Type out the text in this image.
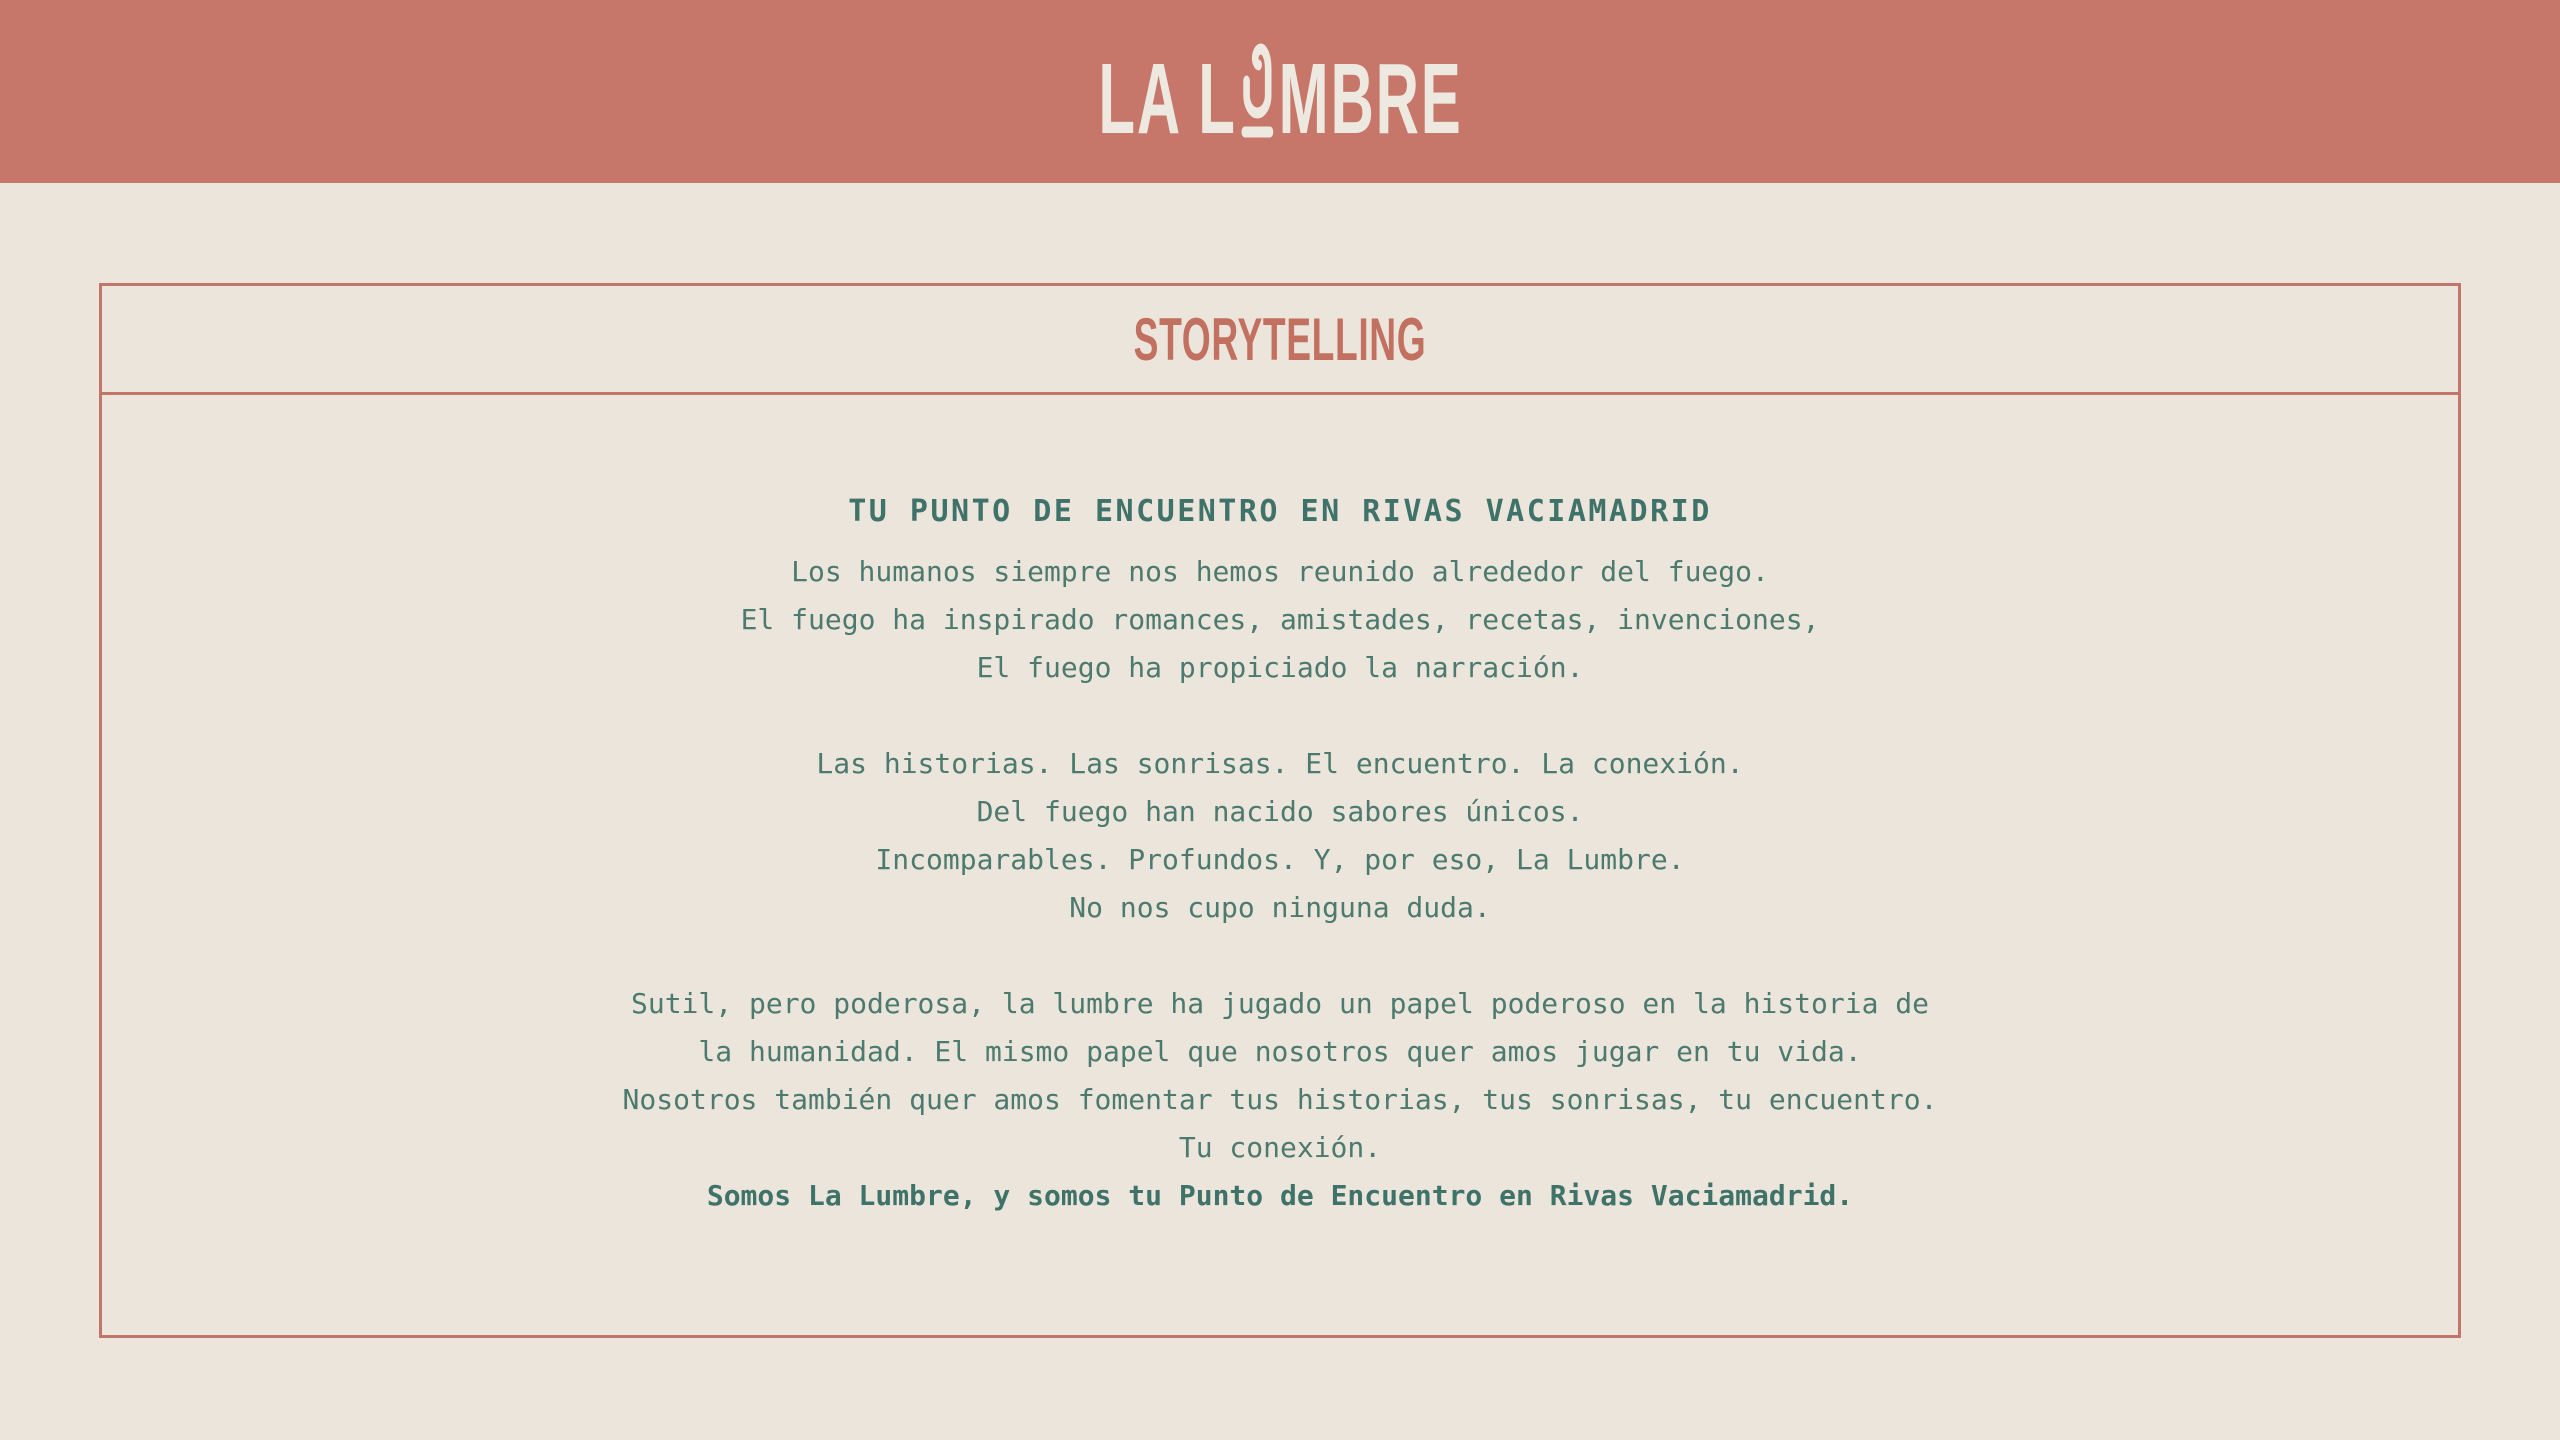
LA L MBRE
STORYTELLING
TU PUNTO DE ENCUENTRO EN RIVAS VACIAMADRID
Los humanos siempre nos hemos reunido alrededor del fuego.
El fuego ha inspirado romances, amistades, recetas, invenciones,
El fuego ha propiciado la narración.
Las historias. Las sonrisas. El encuentro. La conexión.
Del fuego han nacido sabores únicos.
Incomparables. Profundos. Y, por eso, La Lumbre.
No nos cupo ninguna duda.
Sutil, pero poderosa, la lumbre ha jugado un papel poderoso en la historia de
la humanidad. El mismo papel que nosotros quer amos jugar en tu vida.
Nosotros también quer amos fomentar tus historias, tus sonrisas, tu encuentro.
Tu conexión.
Somos La Lumbre, y somos tu Punto de Encuentro en Rivas Vaciamadrid.
